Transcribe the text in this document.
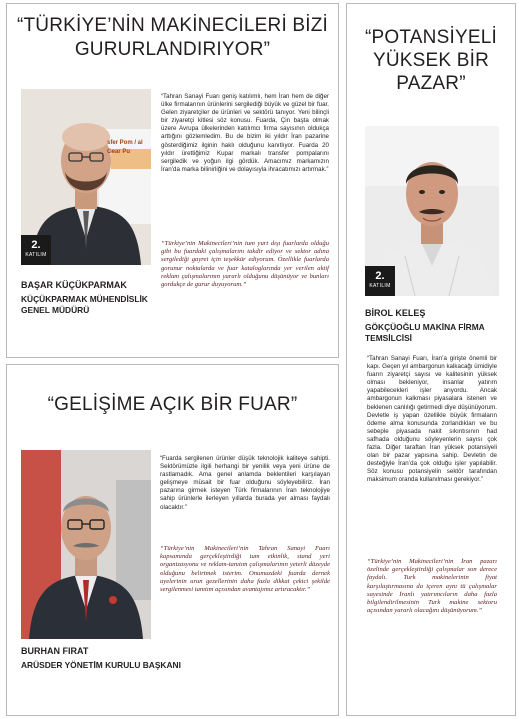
“TÜRKİYE’NİN MAKİNECİLERİ BİZİ GURURLANDIRIYOR”
sfer Pom / al Gear Pu
2.
KATILIM
BAŞAR KÜÇÜKPARMAK
KÜÇÜKPARMAK MÜHENDİSLİK GENEL MÜDÜRÜ

“Tahran Sanayi Fuarı geniş katılımlı, hem İran hem de diğer ülke firmalarının ürünlerini sergilediği büyük ve güzel bir fuar. Gelen ziyaretçiler de ürünleri ve sektörü tanıyor. Yeni bilinçli bir ziyaretçi kitlesi söz konusu. Fuarda, Çin başta olmak üzere Avrupa ülkelerinden katılımcı firma sayısının oldukça arttığını gözlemledim. Bu de bizim iki yıldır İran pazarine gösterdiğimiz ilginin haklı olduğunu kanıtlıyor. Fuarda 20 yıldır ürettiğimiz Kupar markalı transfer pompalarını sergiledik ve yoğun ilgi gördük. Amacımız markamızın İran’da marka bilinirliğini ve dolayısıyla ihracatımızı artırmak.”

“Türkiye’nin Makinecileri’nin tum yurt dışı fuarlarda olduğu gibi bu fuardaki çalışmalarını takdir ediyor ve sektor adına sergilediği gayret için teşekkür ediyorum. Özellikle fuarlarda gorunur noktalarda ve fuar kataloglarında yer verilen aktif reklam çalışmalarının yararlı olduğunu düşünüyor ve bunları gordukçe de gurur duyuyorum.”

“GELİŞİME AÇIK BİR FUAR”
BURHAN FIRAT
ARÜSDER YÖNETİM KURULU BAŞKANI

“Fuarda sergilenen ürünler düşük teknolojik kaliteye sahipti. Sektörümüzle ilgili herhangi bir yenilik veya yeni ürüne de rastlamadık. Ama genel anlamda beklentileri karşılayan gelişmeye müsait bir fuar olduğunu söyleyebiliriz. İran pazarına girmek isteyen Türk firmalarının İran teknolojiye sahip ürünlerle ilerleyen yıllarda burada yer alması faydalı olacaktır.”

“Türkiye’nin Makinecileri’nin Tahran Sanayi Fuarı kapsamında gerçekleştirdiği tum etkinlik, stand yeri organizasyonu ve reklam-tanıtım çalışmalarının yeterli düzeyde olduğunu belirtmek isterim. Onumuzdeki fuarda dernek uyelerinin urun gezellerinin daha fazla dikkat çekici şekilde sergilenmesi tanıtım açısından avantajımız artıracaktır.”

“POTANSİYELİ YÜKSEK BİR PAZAR”
2.
KATILIM
BİROL KELEŞ
GÖKÇÜOĞLU MAKİNA FİRMA TEMSİLCİSİ

“Tahran Sanayi Fuarı, İran’a girişte önemli bir kapı. Geçen yıl ambargonun kalkacağı ümidiyle fuarın ziyaretçi sayısı ve kalitesinin yüksek olması bekleniyor, insanlar yatırım yapabilecekleri işler arıyordu. Ancak ambargonun kalkması piyasalara istenen ve beklenen canlılığı getirmedi diye düşünüyorum. Devletle iş yapan özellikle büyük firmaların ödeme alma konusunda zorlandıkları ve bu sebeple piyasada nakit sıkıntısının had safhada olduğunu söyleyenlerin sayısı çok fazla. Diğer taraftan İran yüksek potansiyeli olan bir pazar yapısına sahip. Devletin de desteğiyle İran’da çok olduğu işler yapılabilir. Söz konusu potansiyelin sektör tarafından maksimum oranda kullanılması gerekiyor.”

“Türkiye’nin Makinecileri’nin İran pazarı özelinde gerçekleştirdiği çalışmalar son derece faydalı. Turk makinelerinin fiyat karşılaştırmasına da içeren aynı tü çalışmalar sayesinde İranlı yatırımcıların daha fazla bilgilendirilmesinin Turk makine sektoru açısından yararlı olacağını düşünüyorum.”
